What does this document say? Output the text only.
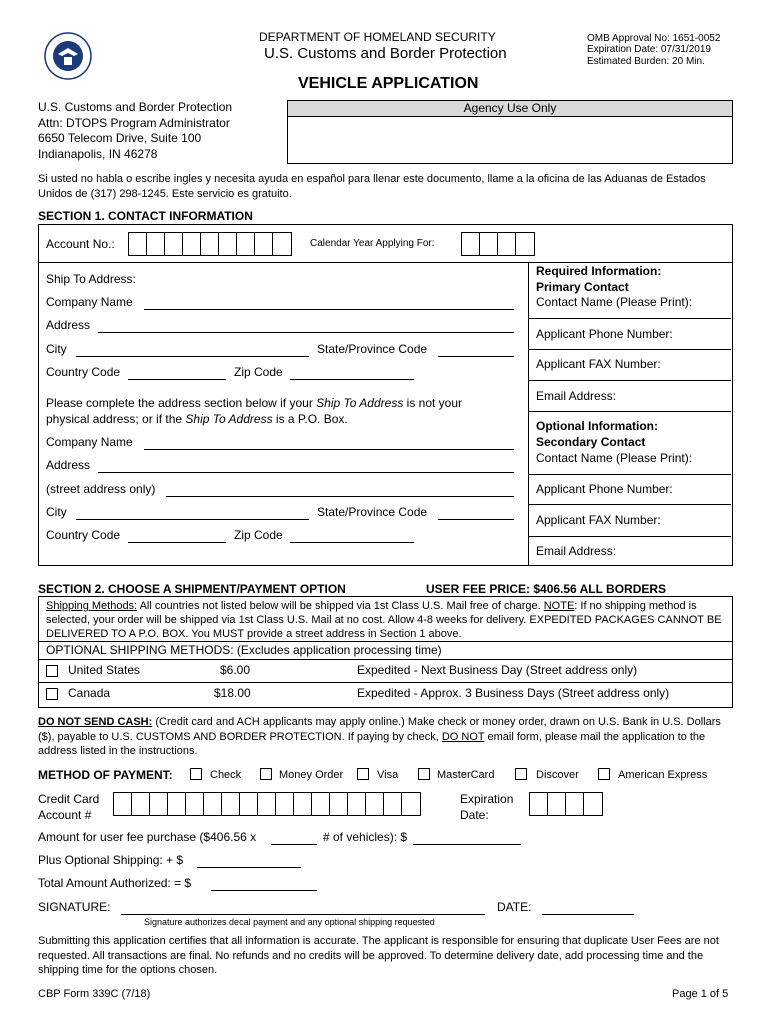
DEPARTMENT OF HOMELAND SECURITY
U.S. Customs and Border Protection
OMB Approval No: 1651-0052
Expiration Date: 07/31/2019
Estimated Burden: 20 Min.
VEHICLE APPLICATION
U.S. Customs and Border Protection
Attn: DTOPS Program Administrator
6650 Telecom Drive, Suite 100
Indianapolis, IN 46278
Agency Use Only
Si usted no habla o escribe ingles y necesita ayuda en español para llenar este documento, llame a la oficina de las Aduanas de Estados Unidos de (317) 298-1245. Este servicio es gratuito.
SECTION 1. CONTACT INFORMATION
Account No.:	Calendar Year Applying For:
Ship To Address:
Company Name
Address
City	State/Province Code
Country Code	Zip Code
Please complete the address section below if your Ship To Address is not your physical address; or if the Ship To Address is a P.O. Box.
Company Name
Address
(street address only)
City	State/Province Code
Country Code	Zip Code
Required Information:
Primary Contact
Contact Name (Please Print):
Applicant Phone Number:
Applicant FAX Number:
Email Address:
Optional Information:
Secondary Contact
Contact Name (Please Print):
Applicant Phone Number:
Applicant FAX Number:
Email Address:
SECTION 2. CHOOSE A SHIPMENT/PAYMENT OPTION	USER FEE PRICE: $406.56 ALL BORDERS
Shipping Methods: All countries not listed below will be shipped via 1st Class U.S. Mail free of charge. NOTE: If no shipping method is selected, your order will be shipped via 1st Class U.S. Mail at no cost. Allow 4-8 weeks for delivery. EXPEDITED PACKAGES CANNOT BE DELIVERED TO A P.O. BOX. You MUST provide a street address in Section 1 above.
OPTIONAL SHIPPING METHODS: (Excludes application processing time)
United States	$6.00	Expedited - Next Business Day (Street address only)
Canada	$18.00	Expedited - Approx. 3 Business Days (Street address only)
DO NOT SEND CASH: (Credit card and ACH applicants may apply online.) Make check or money order, drawn on U.S. Bank in U.S. Dollars ($), payable to U.S. CUSTOMS AND BORDER PROTECTION. If paying by check, DO NOT email form, please mail the application to the address listed in the instructions.
METHOD OF PAYMENT:	Check	Money Order	Visa	MasterCard	Discover	American Express
Credit Card
Account #
Expiration
Date:
Amount for user fee purchase ($406.56 x	# of vehicles): $
Plus Optional Shipping: + $
Total Amount Authorized: = $
SIGNATURE:	DATE:
Signature authorizes decal payment and any optional shipping requested
Submitting this application certifies that all information is accurate. The applicant is responsible for ensuring that duplicate User Fees are not requested. All transactions are final. No refunds and no credits will be approved. To determine delivery date, add processing time and the shipping time for the options chosen.
CBP Form 339C (7/18)	Page 1 of 5
